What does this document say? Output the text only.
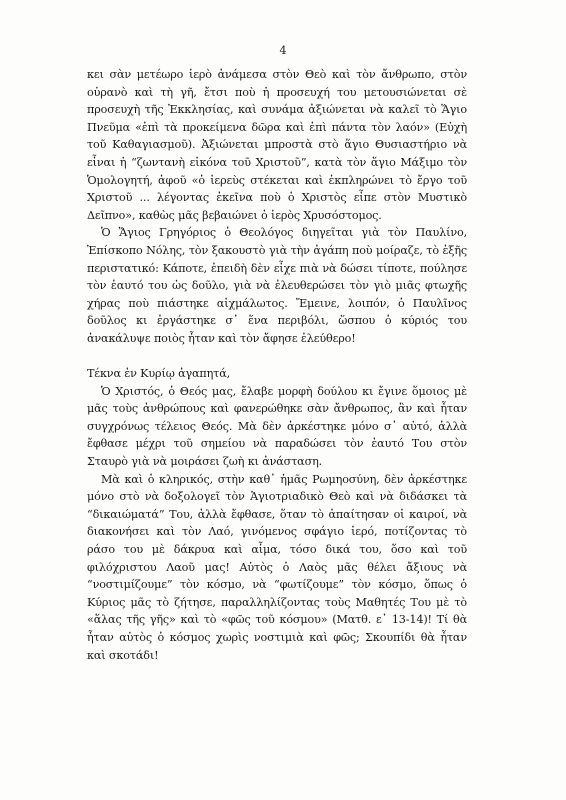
4

κει σὰν μετέωρο ἱερὸ ἀνάμεσα στὸν Θεὸ καὶ τὸν ἄνθρωπο, στὸν οὐρανὸ καὶ τὴ γῆ, ἔτσι ποὺ ἡ προσευχή του μετουσιώνεται σὲ προσευχὴ τῆς Ἐκκλησίας, καὶ συνάμα ἀξιώνεται νὰ καλεῖ τὸ Ἅγιο Πνεῦμα «ἐπὶ τὰ προκείμενα δῶρα καὶ ἐπὶ πάντα τὸν λαόν» (Εὐχὴ τοῦ Καθαγιασμοῦ). Ἀξιώνεται μπροστὰ στὸ ἅγιο Θυσιαστήριο νὰ εἶναι ἡ “ζωντανὴ εἰκόνα τοῦ Χριστοῦ”, κατὰ τὸν ἅγιο Μάξιμο τὸν Ὁμολογητή, ἀφοῦ «ὁ ἱερεὺς στέκεται καὶ ἐκπληρώνει τὸ ἔργο τοῦ Χριστοῦ ... λέγοντας ἐκεῖνα ποὺ ὁ Χριστὸς εἶπε στὸν Μυστικὸ Δεῖπνο», καθὼς μᾶς βεβαιώνει ὁ ἱερὸς Χρυσόστομος.

Ὁ Ἅγιος Γρηγόριος ὁ Θεολόγος διηγεῖται γιὰ τὸν Παυλίνο, Ἐπίσκοπο Νόλης, τὸν ξακουστὸ γιὰ τὴν ἀγάπη ποὺ μοίραζε, τὸ ἑξῆς περιστατικό: Κάποτε, ἐπειδὴ δὲν εἶχε πιὰ νὰ δώσει τίποτε, πούλησε τὸν ἑαυτό του ὡς δοῦλο, γιὰ νὰ ἐλευθερώσει τὸν γιὸ μιᾶς φτωχῆς χήρας ποὺ πιάστηκε αἰχμάλωτος. Ἔμεινε, λοιπόν, ὁ Παυλῖνος δοῦλος κι ἐργάστηκε σ᾽ ἕνα περιβόλι, ὥσπου ὁ κύριός του ἀνακάλυψε ποιὸς ἦταν καὶ τὸν ἄφησε ἐλεύθερο!

Τέκνα ἐν Κυρίῳ ἀγαπητά,

Ὁ Χριστός, ὁ Θεός μας, ἔλαβε μορφὴ δούλου κι ἔγινε ὅμοιος μὲ μᾶς τοὺς ἀνθρώπους καὶ φανερώθηκε σὰν ἄνθρωπος, ἂν καὶ ἦταν συγχρόνως τέλειος Θεός. Μὰ δὲν ἀρκέστηκε μόνο σ᾽ αὐτό, ἀλλὰ ἔφθασε μέχρι τοῦ σημείου νὰ παραδώσει τὸν ἑαυτό Του στὸν Σταυρὸ γιὰ νὰ μοιράσει ζωὴ κι ἀνάσταση.

Μὰ καὶ ὁ κληρικός, στὴν καθ᾽ ἡμᾶς Ρωμηοσύνη, δὲν ἀρκέστηκε μόνο στὸ νὰ δοξολογεῖ τὸν Ἁγιοτριαδικὸ Θεὸ καὶ νὰ διδάσκει τὰ “δικαιώματά” Του, ἀλλὰ ἔφθασε, ὅταν τὸ ἀπαίτησαν οἱ καιροί, νὰ διακονήσει καὶ τὸν Λαό, γινόμενος σφάγιο ἱερό, ποτίζοντας τὸ ράσο του μὲ δάκρυα καὶ αἷμα, τόσο δικά του, ὅσο καὶ τοῦ φιλόχριστου Λαοῦ μας! Αὐτὸς ὁ Λαὸς μᾶς θέλει ἄξιους νὰ “νοστιμίζουμε” τὸν κόσμο, νὰ “φωτίζουμε” τὸν κόσμο, ὅπως ὁ Κύριος μᾶς τὸ ζήτησε, παραλληλίζοντας τοὺς Μαθητές Του μὲ τὸ «ἅλας τῆς γῆς» καὶ τὸ «φῶς τοῦ κόσμου» (Ματθ. ε᾽ 13-14)! Τί θὰ ἦταν αὐτὸς ὁ κόσμος χωρὶς νοστιμιὰ καὶ φῶς; Σκουπίδι θὰ ἦταν καὶ σκοτάδι!
